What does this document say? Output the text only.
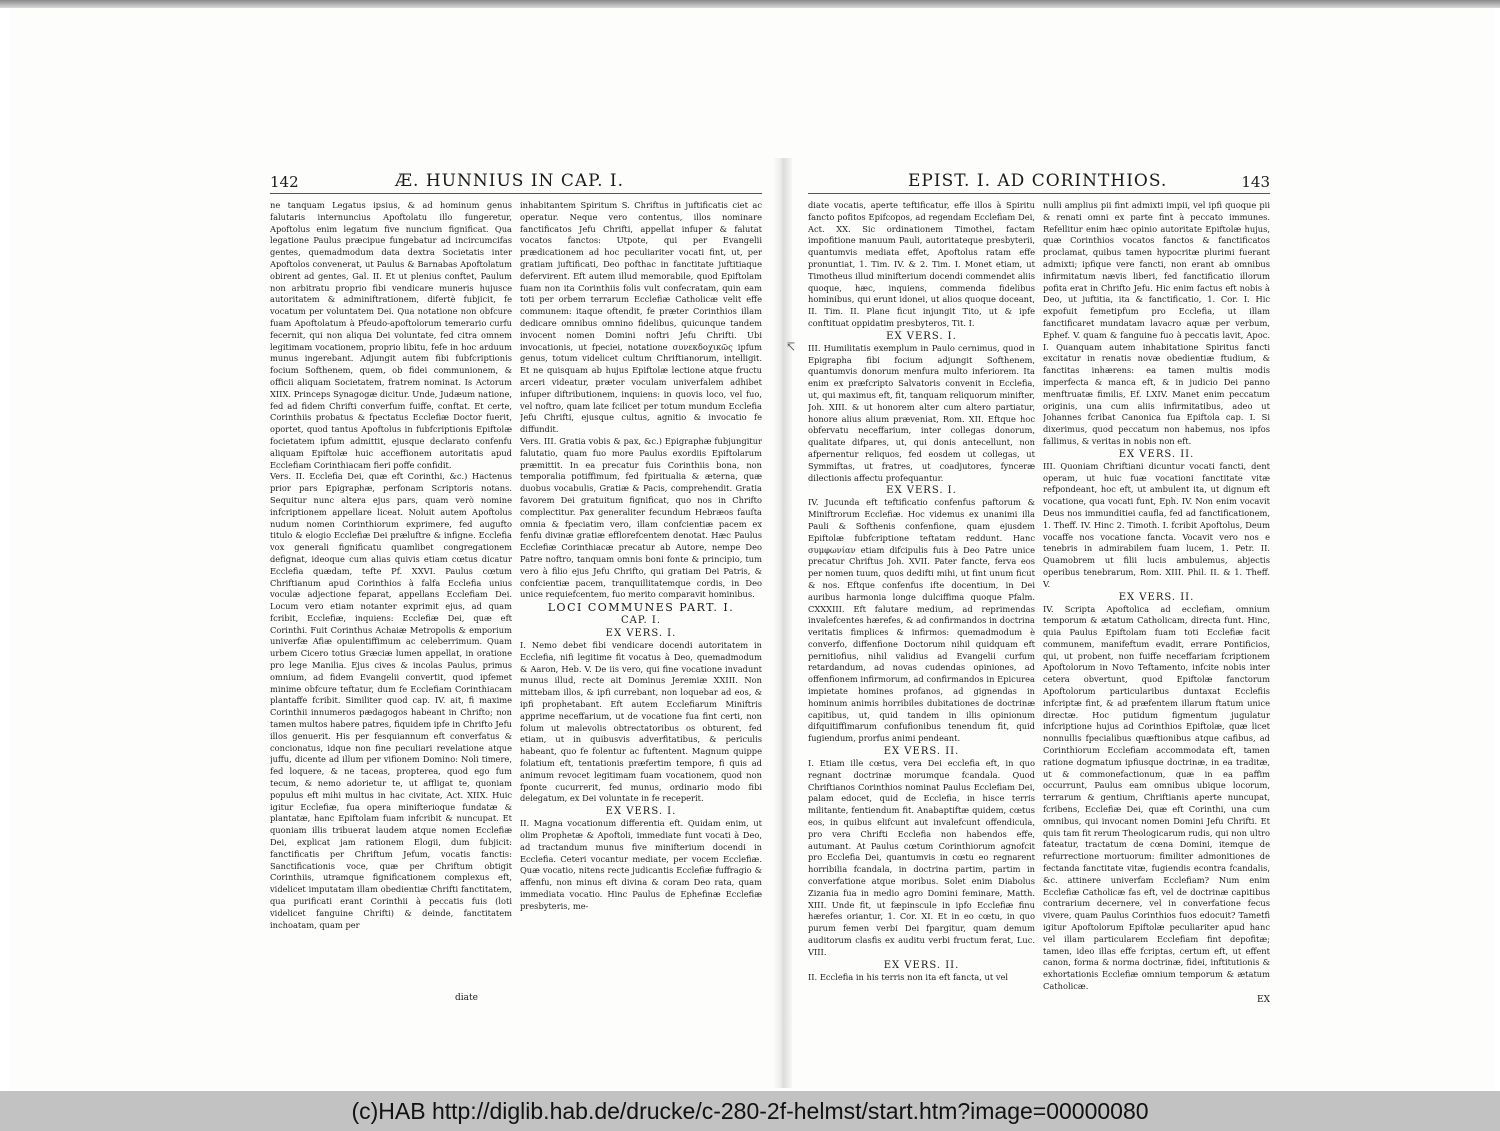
↸
142	Æ. HUNNIUS IN CAP. I.

ne tanquam Legatus ipsius, & ad hominum genus falutaris internuncius Apoftolatu illo fungeretur, Apoftolus enim legatum five nuncium fignificat. Qua legatione Paulus præcipue fungebatur ad incircumcifas gentes, quemadmodum data dextra Societatis inter Apoftolos convenerat, ut Paulus & Barnabas Apoftolatum obirent ad gentes, Gal. II. Et ut plenius conftet, Paulum non arbitratu proprio fibi vendicare muneris hujusce autoritatem & adminiftrationem, difertè fubjicit, fe vocatum per voluntatem Dei. Qua notatione non obfcure fuam Apoftolatum à Pfeudo-apoftolorum temerario curfu fecernit, qui non aliqua Dei voluntate, fed citra omnem legitimam vocationem, proprio libitu, fefe in hoc arduum munus ingerebant. Adjungit autem fibi fubfcriptionis focium Softhenem, quem, ob fidei communionem, & officii aliquam Societatem, fratrem nominat. Is Actorum XIIX. Princeps Synagogæ dicitur. Unde, Judæum natione, fed ad fidem Chrifti converfum fuiffe, conftat. Et certe, Corinthiis probatus & fpectatus Ecclefiæ Doctor fuerit, oportet, quod tantus Apoftolus in fubfcriptionis Epiftolæ focietatem ipfum admittit, ejusque declarato confenfu aliquam Epiftolæ huic acceffionem autoritatis apud Ecclefiam Corinthiacam fieri poffe confidit.

Vers. II. Ecclefia Dei, quæ eft Corinthi, &c.) Hactenus prior pars Epigraphæ, perfonam Scriptoris notans. Sequitur nunc altera ejus pars, quam verò nomine infcriptionem appellare liceat. Noluit autem Apoftolus nudum nomen Corinthiorum exprimere, fed augufto titulo & elogio Ecclefiæ Dei præluftre & infigne. Ecclefia vox generali fignificatu quamlibet congregationem defignat, ideoque cum alias quivis etiam cœtus dicatur Ecclefia quædam, tefte Pf. XXVI. Paulus cœtum Chriftianum apud Corinthios à falfa Ecclefia unius voculæ adjectione feparat, appellans Ecclefiam Dei. Locum vero etiam notanter exprimit ejus, ad quam fcribit, Ecclefiæ, inquiens: Ecclefiæ Dei, quæ eft Corinthi. Fuit Corinthus Achaiæ Metropolis & emporium univerfæ Afiæ opulentiffimum ac celeberrimum. Quam urbem Cicero totius Græciæ lumen appellat, in oratione pro lege Manilia. Ejus cives & incolas Paulus, primus omnium, ad fidem Evangelii convertit, quod ipfemet minime obfcure teftatur, dum fe Ecclefiam Corinthiacam plantaffe fcribit. Similiter quod cap. IV. ait, fi maxime Corinthii innumeros pædagogos habeant in Chrifto; non tamen multos habere patres, fiquidem ipfe in Chrifto Jefu illos genuerit. His per fesquiannum eft converfatus & concionatus, idque non fine peculiari revelatione atque juffu, dicente ad illum per vifionem Domino: Noli timere, fed loquere, & ne taceas, propterea, quod ego fum tecum, & nemo adorietur te, ut affligat te, quoniam populus eft mihi multus in hac civitate, Act. XIIX. Huic igitur Ecclefiæ, fua opera minifterioque fundatæ & plantatæ, hanc Epiftolam fuam infcribit & nuncupat. Et quoniam illis tribuerat laudem atque nomen Ecclefiæ Dei, explicat jam rationem Elogii, dum fubjicit: fanctificatis per Chriftum Jefum, vocatis fanctis: Sanctificationis voce, quæ per Chriftum obtigit Corinthiis, utramque fignificationem complexus eft, videlicet imputatam illam obedientiæ Chrifti fanctitatem, qua purificati erant Corinthii à peccatis fuis (loti videlicet fanguine Chrifti) & deinde, fanctitatem inchoatam, quam per

inhabitantem Spiritum S. Chriftus in juftificatis ciet ac operatur. Neque vero contentus, illos nominare fanctificatos Jefu Chrifti, appellat infuper & falutat vocatos fanctos: Utpote, qui per Evangelii prædicationem ad hoc peculiariter vocati fint, ut, per gratiam juftificati, Deo pofthac in fanctitate juftitiaque defervirent. Eft autem illud memorabile, quod Epiftolam fuam non ita Corinthiis folis vult confecratam, quin eam toti per orbem terrarum Ecclefiæ Catholicæ velit effe communem: itaque oftendit, fe præter Corinthios illam dedicare omnibus omnino fidelibus, quicunque tandem invocent nomen Domini noftri Jefu Chrifti. Ubi invocationis, ut fpeciei, notatione συνεκδοχικῶς ipfum genus, totum videlicet cultum Chriftianorum, intelligit. Et ne quisquam ab hujus Epiftolæ lectione atque fructu arceri videatur, præter voculam univerfalem adhibet infuper diftributionem, inquiens: in quovis loco, vel fuo, vel noftro, quam late fcilicet per totum mundum Ecclefia Jefu Chrifti, ejusque cultus, agnitio & invocatio fe diffundit.

Vers. III. Gratia vobis & pax, &c.) Epigraphæ fubjungitur falutatio, quam fuo more Paulus exordiis Epiftolarum præmittit. In ea precatur fuis Corinthiis bona, non temporalia potiffimum, fed fpiritualia & æterna, quæ duobus vocabulis, Gratiæ & Pacis, comprehendit. Gratia favorem Dei gratuitum fignificat, quo nos in Chrifto complectitur. Pax generaliter fecundum Hebræos fauſta omnia & fpeciatim vero, illam confcientiæ pacem ex fenfu divinæ gratiæ efflorefcentem denotat. Hæc Paulus Ecclefiæ Corinthiacæ precatur ab Autore, nempe Deo Patre noftro, tanquam omnis boni fonte & principio, tum vero à filio ejus Jefu Chrifto, qui gratiam Dei Patris, & confcientiæ pacem, tranquillitatemque cordis, in Deo unice requiefcentem, fuo merito comparavit hominibus.

LOCI COMMUNES PART. I.
CAP. I.
EX VERS. I.

I. Nemo debet fibi vendicare docendi autoritatem in Ecclefia, nifi legitime fit vocatus à Deo, quemadmodum & Aaron, Heb. V. De iis vero, qui fine vocatione invadunt munus illud, recte ait Dominus Jeremiæ XXIII. Non mittebam illos, & ipfi currebant, non loquebar ad eos, & ipfi prophetabant. Eft autem Ecclefiarum Miniftris apprime neceffarium, ut de vocatione fua fint certi, non folum ut malevolis obtrectatoribus os obturent, fed etiam, ut in quibusvis adverfitatibus, & periculis habeant, quo fe folentur ac fuftentent. Magnum quippe folatium eft, tentationis præfertim tempore, fi quis ad animum revocet legitimam fuam vocationem, quod non fponte cucurrerit, fed munus, ordinario modo fibi delegatum, ex Dei voluntate in fe receperit.

EX VERS. I.

II. Magna vocationum differentia eft. Quidam enim, ut olim Prophetæ & Apoftoli, immediate funt vocati à Deo, ad tractandum munus five minifterium docendi in Ecclefia. Ceteri vocantur mediate, per vocem Ecclefiæ. Quæ vocatio, nitens recte judicantis Ecclefiæ fuffragio & affenfu, non minus eft divina & coram Deo rata, quam immediata vocatio. Hinc Paulus de Ephefinæ Ecclefiæ presbyteris, me-

diate
EPIST. I. AD CORINTHIOS.	143

diate vocatis, aperte teftificatur, effe illos à Spiritu fancto pofitos Epifcopos, ad regendam Ecclefiam Dei, Act. XX. Sic ordinationem Timothei, factam impofitione manuum Pauli, autoritateque presbyterii, quantumvis mediata effet, Apoftolus ratam effe pronuntiat, 1. Tim. IV. & 2. Tim. I. Monet etiam, ut Timotheus illud minifterium docendi commendet aliis quoque, hæc, inquiens, commenda fidelibus hominibus, qui erunt idonei, ut alios quoque doceant, II. Tim. II. Plane ficut injungit Tito, ut & ipfe conftituat oppidatim presbyteros, Tit. I.

EX VERS. I.

III. Humilitatis exemplum in Paulo cernimus, quod in Epigrapha fibi focium adjungit Softhenem, quantumvis donorum menfura multo inferiorem. Ita enim ex præfcripto Salvatoris convenit in Ecclefia, ut, qui maximus eft, fit, tanquam reliquorum minifter, Joh. XIII. & ut honorem alter cum altero partiatur, honore alius alium præveniat, Rom. XII. Eftque hoc obfervatu neceffarium, inter collegas donorum, qualitate difpares, ut, qui donis antecellunt, non afpernentur reliquos, fed eosdem ut collegas, ut Symmiftas, ut fratres, ut coadjutores, fynceræ dilectionis affectu profequantur.

EX VERS. I.

IV. Jucunda eft teftificatio confenfus paftorum & Miniftrorum Ecclefiæ. Hoc videmus ex unanimi illa Pauli & Softhenis confenfione, quam ejusdem Epiftolæ fubfcriptione teftatam reddunt. Hanc συμφωνίαν etiam difcipulis fuis à Deo Patre unice precatur Chriftus Joh. XVII. Pater fancte, ferva eos per nomen tuum, quos dedifti mihi, ut fint unum ficut & nos. Eftque confenfus ifte docentium, in Dei auribus harmonia longe dulciffima quoque Pfalm. CXXXIII. Eft falutare medium, ad reprimendas invalefcentes hærefes, & ad confirmandos in doctrina veritatis fimplices & infirmos: quemadmodum è converfo, diffenfione Doctorum nihil quidquam eft pernitiofius, nihil validius ad Evangelii curfum retardandum, ad novas cudendas opiniones, ad offenfionem infirmorum, ad confirmandos in Epicurea impietate homines profanos, ad gignendas in hominum animis horribiles dubitationes de doctrinæ capitibus, ut, quid tandem in illis opinionum difquitiffimarum confufionibus tenendum fit, quid fugiendum, prorfus animi pendeant.

EX VERS. II.

I. Etiam ille cœtus, vera Dei ecclefia eft, in quo regnant doctrinæ morumque fcandala. Quod Chriftianos Corinthios nominat Paulus Ecclefiam Dei, palam edocet, quid de Ecclefia, in hisce terris militante, fentiendum fit. Anabaptiftæ quidem, cœtus eos, in quibus elifcunt aut invalefcunt offendicula, pro vera Chrifti Ecclefia non habendos effe, autumant. At Paulus cœtum Corinthiorum agnofcit pro Ecclefia Dei, quantumvis in cœtu eo regnarent horribilia fcandala, in doctrina partim, partim in converfatione atque moribus. Solet enim Diabolus Zizania fua in medio agro Domini feminare, Matth. XIII. Unde fit, ut fæpinscule in ipfo Ecclefiæ finu hærefes oriantur, 1. Cor. XI. Et in eo cœtu, in quo purum femen verbi Dei fpargitur, quam demum auditorum clasfis ex auditu verbi fructum ferat, Luc. VIII.

EX VERS. II.

II. Ecclefia in his terris non ita eft fancta, ut vel

nulli amplius pii fint admixti impii, vel ipfi quoque pii & renati omni ex parte fint à peccato immunes. Refellitur enim hæc opinio autoritate Epiftolæ hujus, quæ Corinthios vocatos fanctos & fanctificatos proclamat, quibus tamen hypocritæ plurimi fuerant admixti; ipfique vere fancti, non erant ab omnibus infirmitatum nævis liberi, fed fanctificatio illorum pofita erat in Chrifto Jefu. Hic enim factus eft nobis à Deo, ut juftitia, ita & fanctificatio, 1. Cor. I. Hic expofuit femetipfum pro Ecclefia, ut illam fanctificaret mundatam lavacro aquæ per verbum, Ephef. V. quam & fanguine fuo à peccatis lavit, Apoc. I. Quanquam autem inhabitatione Spiritus fancti excitatur in renatis novæ obedientiæ ftudium, & fanctitas inhærens: ea tamen multis modis imperfecta & manca eft, & in judicio Dei panno menftruatæ fimilis, Ef. LXIV. Manet enim peccatum originis, una cum aliis infirmitatibus, adeo ut Johannes fcribat Canonica fua Epiftola cap. I. Si dixerimus, quod peccatum non habemus, nos ipfos fallimus, & veritas in nobis non eft.

EX VERS. II.

III. Quoniam Chriftiani dicuntur vocati fancti, dent operam, ut huic fuæ vocationi fanctitate vitæ refpondeant, hoc eft, ut ambulent ita, ut dignum eft vocatione, qua vocati funt, Eph. IV. Non enim vocavit Deus nos immunditiei caufla, fed ad fanctificationem, 1. Theff. IV. Hinc 2. Timoth. I. fcribit Apoftolus, Deum vocaffe nos vocatione fancta. Vocavit vero nos e tenebris in admirabilem fuam lucem, 1. Petr. II. Quamobrem ut filii lucis ambulemus, abjectis operibus tenebrarum, Rom. XIII. Phil. II. & 1. Theff. V.

EX VERS. II.

IV. Scripta Apoftolica ad ecclefiam, omnium temporum & ætatum Catholicam, directa funt. Hinc, quia Paulus Epiftolam fuam toti Ecclefiæ facit communem, manifeftum evadit, errare Pontificios, qui, ut probent, non fuiffe neceffariam fcriptionem Apoftolorum in Novo Teftamento, infcite nobis inter cetera obvertunt, quod Epiftolæ fanctorum Apoftolorum particularibus duntaxat Ecclefiis infcriptæ fint, & ad præfentem illarum ftatum unice directæ. Hoc putidum figmentum jugulatur infcriptione hujus ad Corinthios Epiftolæ, quæ licet nonnullis fpecialibus quæftionibus atque cafibus, ad Corinthiorum Ecclefiam accommodata eft, tamen ratione dogmatum ipfiusque doctrinæ, in ea traditæ, ut & commonefactionum, quæ in ea paffim occurrunt, Paulus eam omnibus ubique locorum, terrarum & gentium, Chriftianis aperte nuncupat, fcribens, Ecclefiæ Dei, quæ eft Corinthi, una cum omnibus, qui invocant nomen Domini Jefu Chrifti. Et quis tam fit rerum Theologicarum rudis, qui non ultro fateatur, tractatum de cœna Domini, itemque de refurrectione mortuorum: fimiliter admonitiones de fectanda fanctitate vitæ, fugiendis econtra fcandalis, &c. attinere univerfam Ecclefiam? Num enim Ecclefiæ Catholicæ fas eft, vel de doctrinæ capitibus contrarium decernere, vel in converfatione fecus vivere, quam Paulus Corinthios fuos edocuit? Tametfi igitur Apoftolorum Epiftolæ peculiariter apud hanc vel illam particularem Ecclefiam fint depofitæ; tamen, ideo illas effe fcriptas, certum eft, ut effent canon, forma & norma doctrinæ, fidei, inftitutionis & exhortationis Ecclefiæ omnium temporum & ætatum Catholicæ.

EX
(c)HAB http://diglib.hab.de/drucke/c-280-2f-helmst/start.htm?image=00000080
